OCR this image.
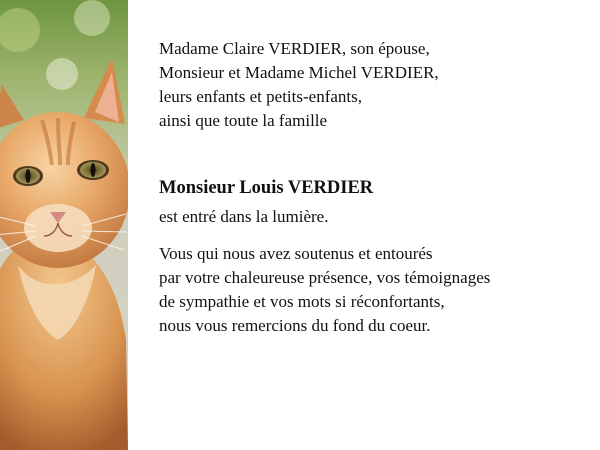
Madame Claire VERDIER, son épouse,
Monsieur et Madame Michel VERDIER,
leurs enfants et petits-enfants,
ainsi que toute la famille
Monsieur Louis VERDIER
est entré dans la lumière.
Vous qui nous avez soutenus et entourés
par votre chaleureuse présence, vos témoignages
de sympathie et vos mots si réconfortants,
nous vous remercions du fond du coeur.
